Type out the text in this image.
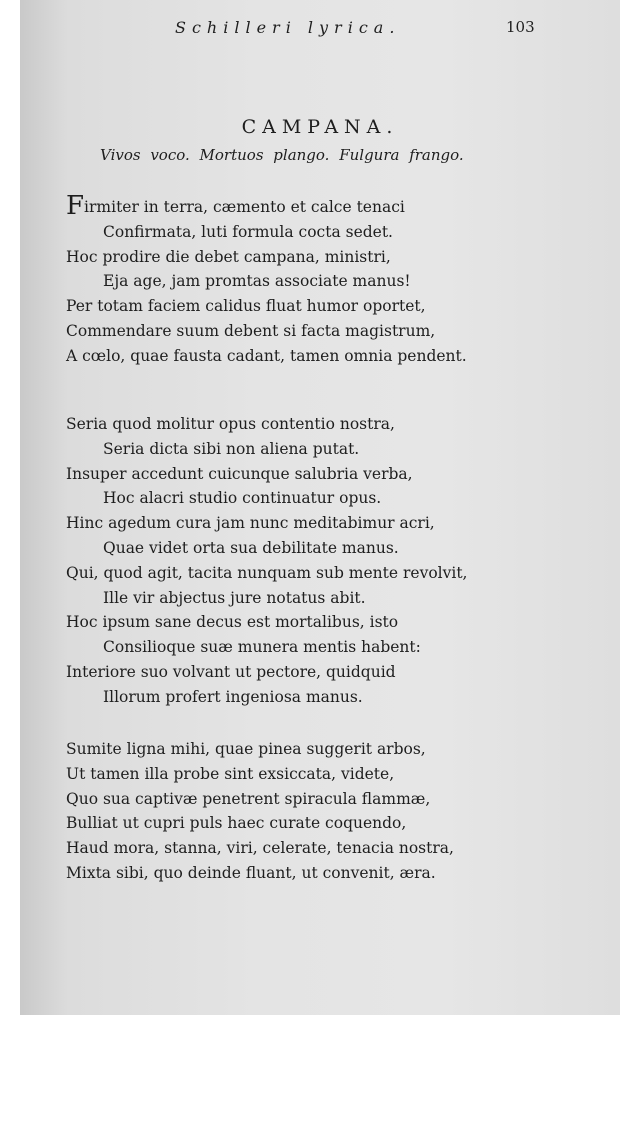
Schilleri lyrica.	103
CAMPANA.
Vivos voco. Mortuos plango. Fulgura frango.
Firmiter in terra, cæmento et calce tenaci
Confirmata, luti formula cocta sedet.
Hoc prodire die debet campana, ministri,
Eja age, jam promtas associate manus!
Per totam faciem calidus fluat humor oportet,
Commendare suum debent si facta magistrum,
A cœlo, quae fausta cadant, tamen omnia pendent.
Seria quod molitur opus contentio nostra,
Seria dicta sibi non aliena putat.
Insuper accedunt cuicunque salubria verba,
Hoc alacri studio continuatur opus.
Hinc agedum cura jam nunc meditabimur acri,
Quae videt orta sua debilitate manus.
Qui, quod agit, tacita nunquam sub mente revolvit,
Ille vir abjectus jure notatus abit.
Hoc ipsum sane decus est mortalibus, isto
Consilioque suæ munera mentis habent:
Interiore suo volvant ut pectore, quidquid
Illorum profert ingeniosa manus.
Sumite ligna mihi, quae pinea suggerit arbos,
Ut tamen illa probe sint exsiccata, videte,
Quo sua captivæ penetrent spiracula flammæ,
Bulliat ut cupri puls haec curate coquendo,
Haud mora, stanna, viri, celerate, tenacia nostra,
Mixta sibi, quo deinde fluant, ut convenit, æra.
